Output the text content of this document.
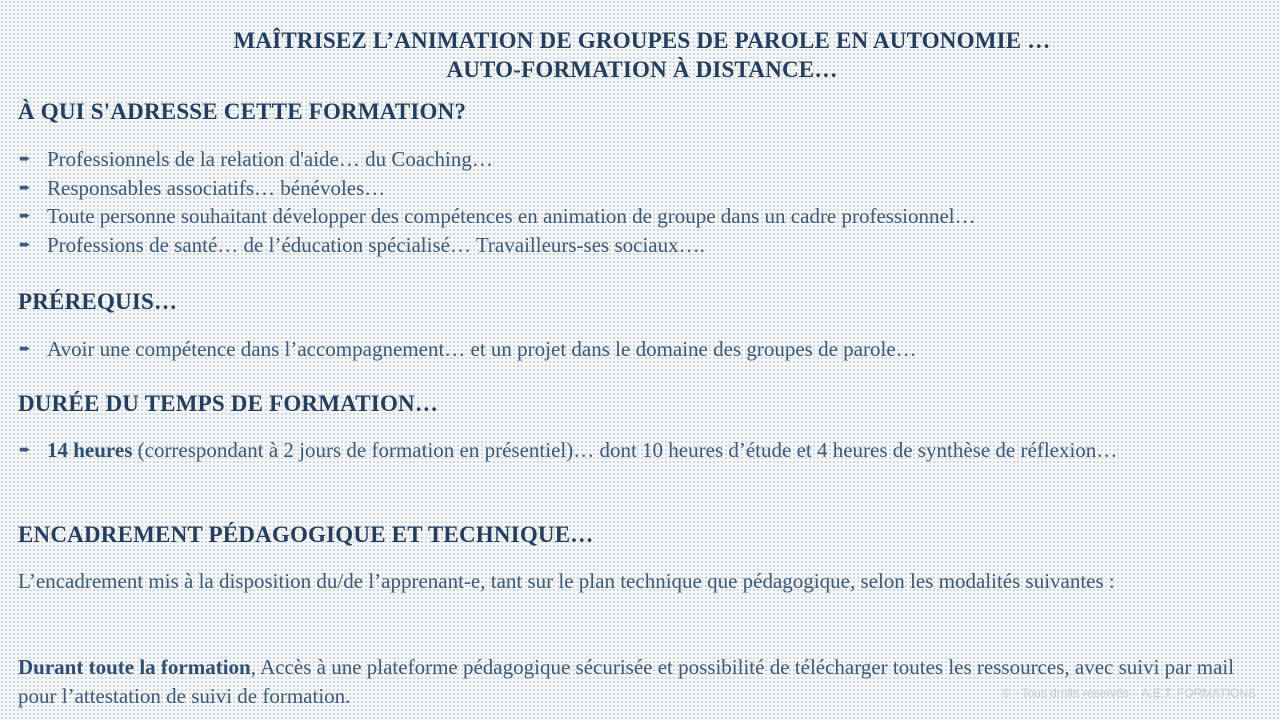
MAÎTRISEZ L’ANIMATION DE GROUPES DE PAROLE EN AUTONOMIE …
AUTO-FORMATION À DISTANCE…
À QUI S'ADRESSE CETTE FORMATION?
➨ Professionnels de la relation d'aide… du Coaching…
➨ Responsables associatifs… bénévoles…
➨ Toute personne souhaitant développer des compétences en animation de groupe dans un cadre professionnel…
➨ Professions de santé… de l’éducation spécialisé… Travailleurs-ses sociaux….
PRÉREQUIS…
➨ Avoir une compétence dans l’accompagnement… et un projet dans le domaine des groupes de parole…
DURÉE DU TEMPS DE FORMATION…
➨ 14 heures (correspondant à 2 jours de formation en présentiel)… dont 10 heures d’étude et 4 heures de synthèse de réflexion…
ENCADREMENT PÉDAGOGIQUE ET TECHNIQUE…
L’encadrement mis à la disposition du/de l’apprenant-e, tant sur le plan technique que pédagogique, selon les modalités suivantes :
Durant toute la formation, Accès à une plateforme pédagogique sécurisée et possibilité de télécharger toutes les ressources, avec suivi par mail pour l’attestation de suivi de formation.	© - Tous droits réservés – A.E.T. FORMATIONS
